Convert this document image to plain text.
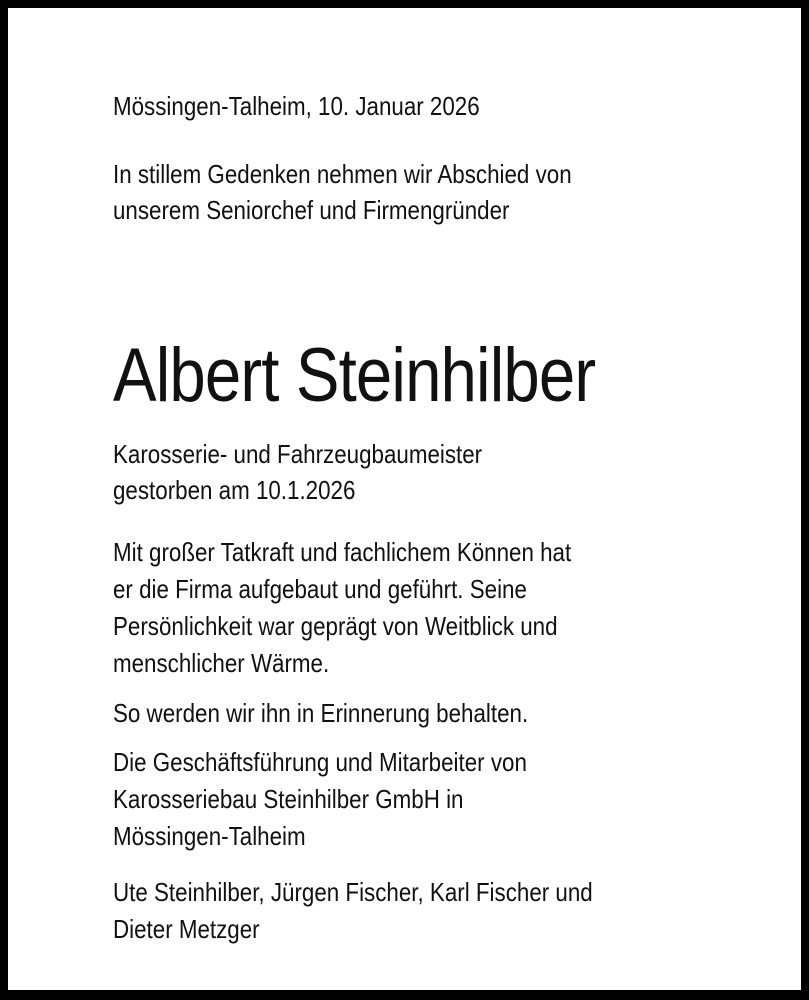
Mössingen-Talheim, 10. Januar 2026

In stillem Gedenken nehmen wir Abschied von

unserem Seniorchef und Firmengründer

Albert Steinhilber

Karosserie- und Fahrzeugbaumeister

gestorben am 10.1.2026

Mit großer Tatkraft und fachlichem Können hat

er die Firma aufgebaut und geführt. Seine

Persönlichkeit war geprägt von Weitblick und

menschlicher Wärme.

So werden wir ihn in Erinnerung behalten.

Die Geschäftsführung und Mitarbeiter von

Karosseriebau Steinhilber GmbH in

Mössingen-Talheim

Ute Steinhilber, Jürgen Fischer, Karl Fischer und

Dieter Metzger
